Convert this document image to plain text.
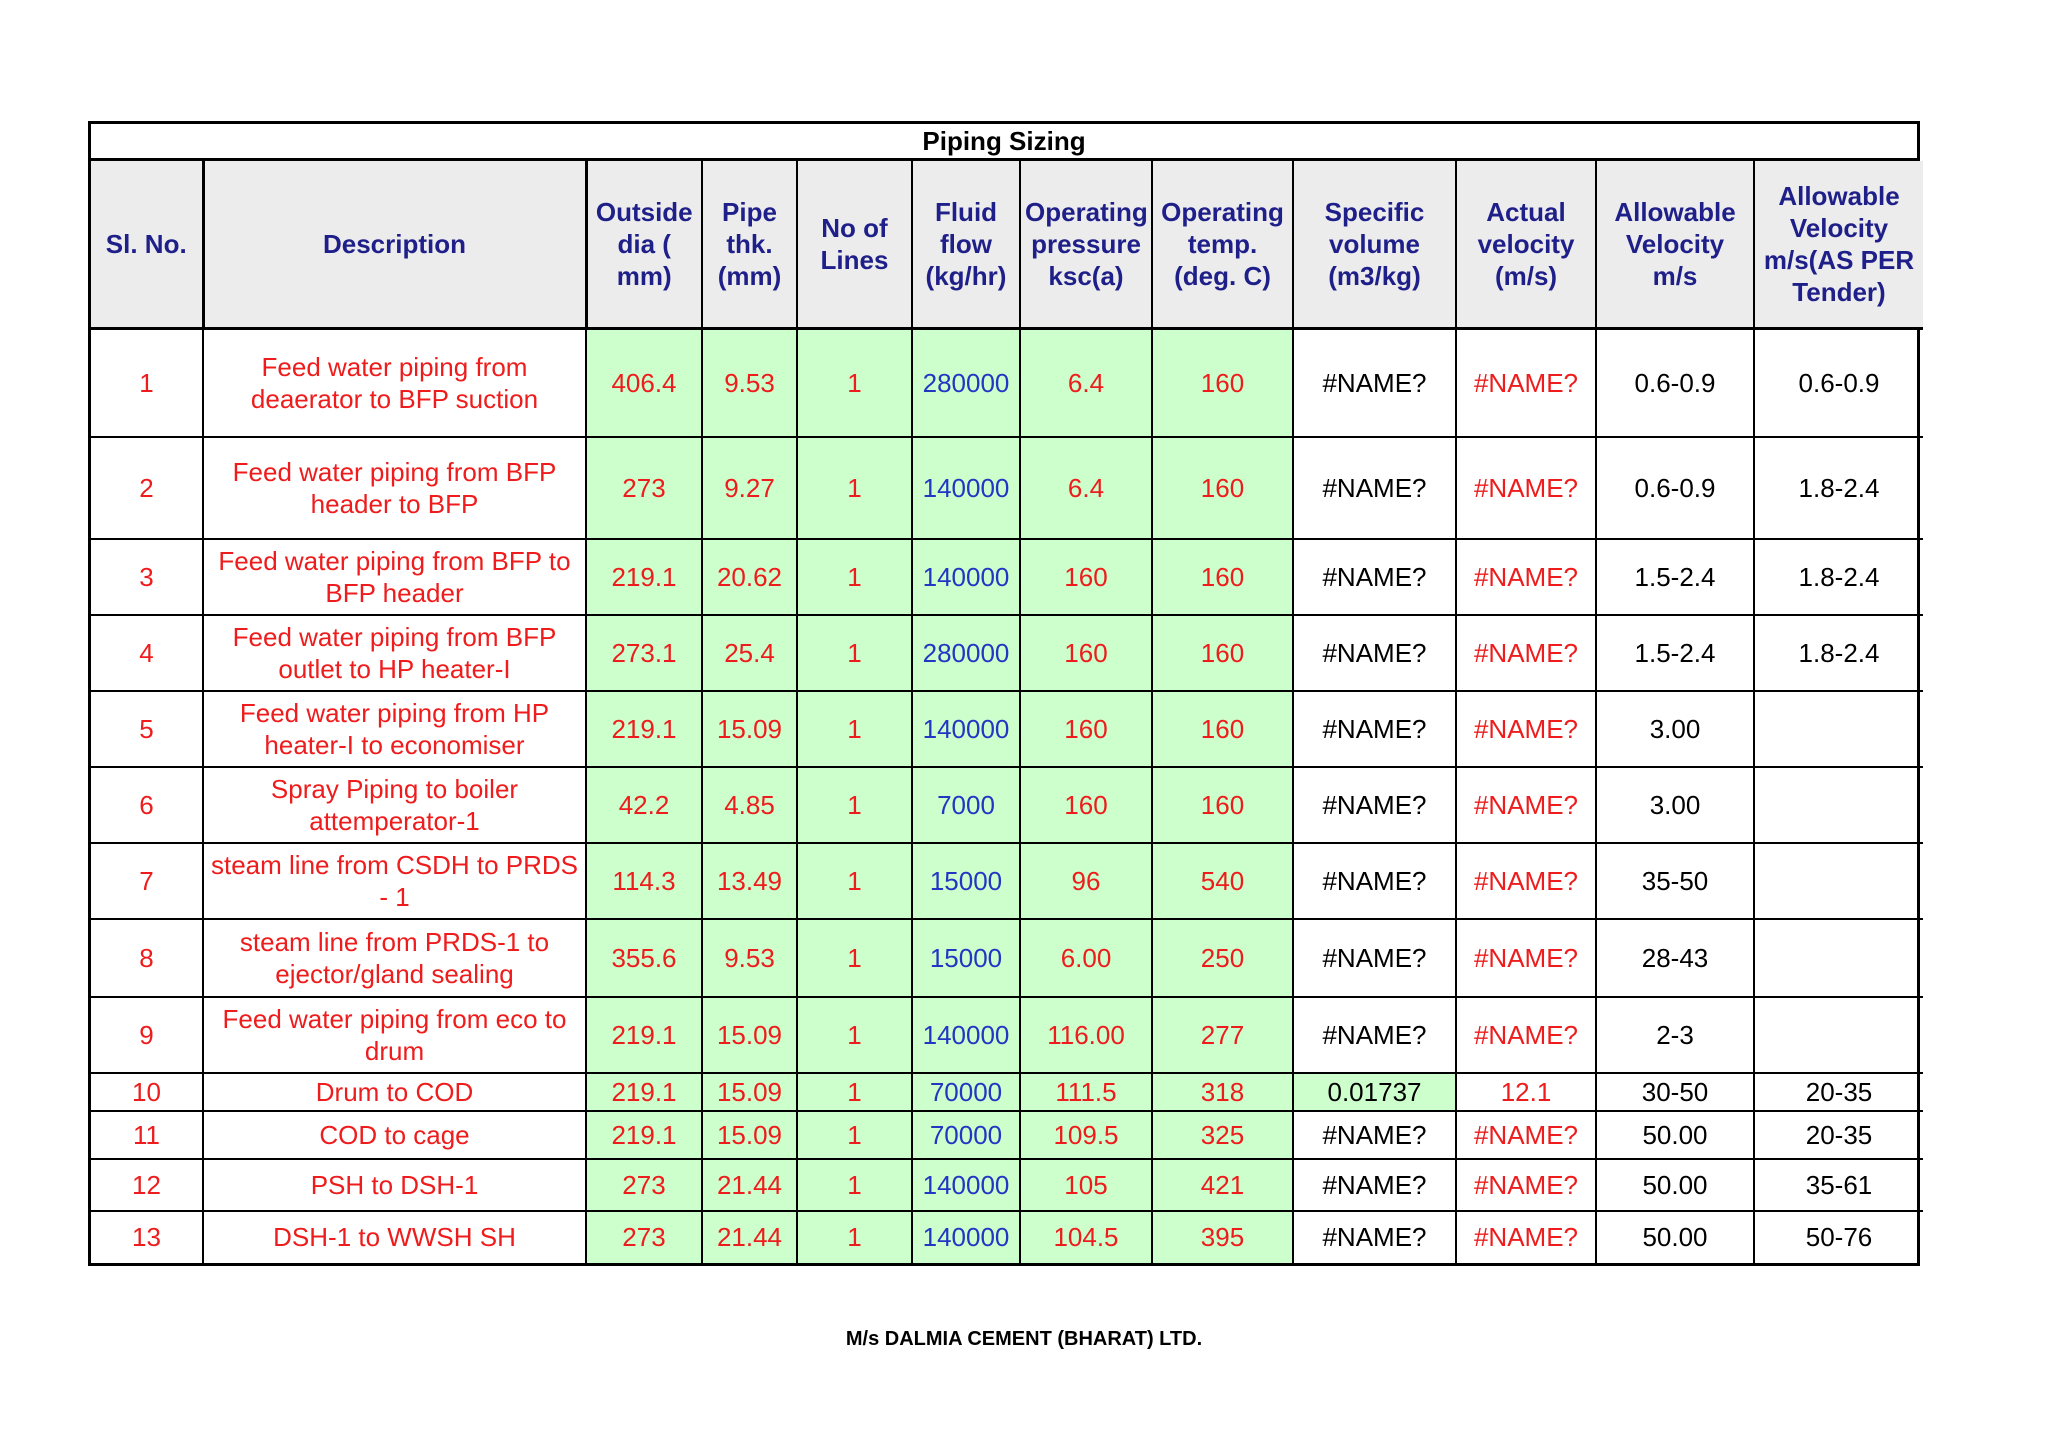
Piping Sizing
Sl. No.	Description	Outside dia ( mm)	Pipe thk. (mm)	No of Lines	Fluid flow (kg/hr)	Operating pressure ksc(a)	Operating temp. (deg. C)	Specific volume (m3/kg)	Actual velocity (m/s)	Allowable Velocity m/s	Allowable Velocity m/s(AS PER Tender)
1	Feed water piping from deaerator to BFP suction	406.4	9.53	1	280000	6.4	160	#NAME?	#NAME?	0.6-0.9	0.6-0.9
2	Feed water piping from BFP header to BFP	273	9.27	1	140000	6.4	160	#NAME?	#NAME?	0.6-0.9	1.8-2.4
3	Feed water piping from BFP to BFP header	219.1	20.62	1	140000	160	160	#NAME?	#NAME?	1.5-2.4	1.8-2.4
4	Feed water piping from BFP outlet to HP heater-I	273.1	25.4	1	280000	160	160	#NAME?	#NAME?	1.5-2.4	1.8-2.4
5	Feed water piping from HP heater-I to economiser	219.1	15.09	1	140000	160	160	#NAME?	#NAME?	3.00	
6	Spray Piping to boiler attemperator-1	42.2	4.85	1	7000	160	160	#NAME?	#NAME?	3.00	
7	steam line from CSDH to PRDS - 1	114.3	13.49	1	15000	96	540	#NAME?	#NAME?	35-50	
8	steam line from PRDS-1 to ejector/gland sealing	355.6	9.53	1	15000	6.00	250	#NAME?	#NAME?	28-43	
9	Feed water piping from eco to drum	219.1	15.09	1	140000	116.00	277	#NAME?	#NAME?	2-3	
10	Drum to COD	219.1	15.09	1	70000	111.5	318	0.01737	12.1	30-50	20-35
11	COD to cage	219.1	15.09	1	70000	109.5	325	#NAME?	#NAME?	50.00	20-35
12	PSH to DSH-1	273	21.44	1	140000	105	421	#NAME?	#NAME?	50.00	35-61
13	DSH-1 to WWSH SH	273	21.44	1	140000	104.5	395	#NAME?	#NAME?	50.00	50-76
M/s DALMIA CEMENT (BHARAT) LTD.
